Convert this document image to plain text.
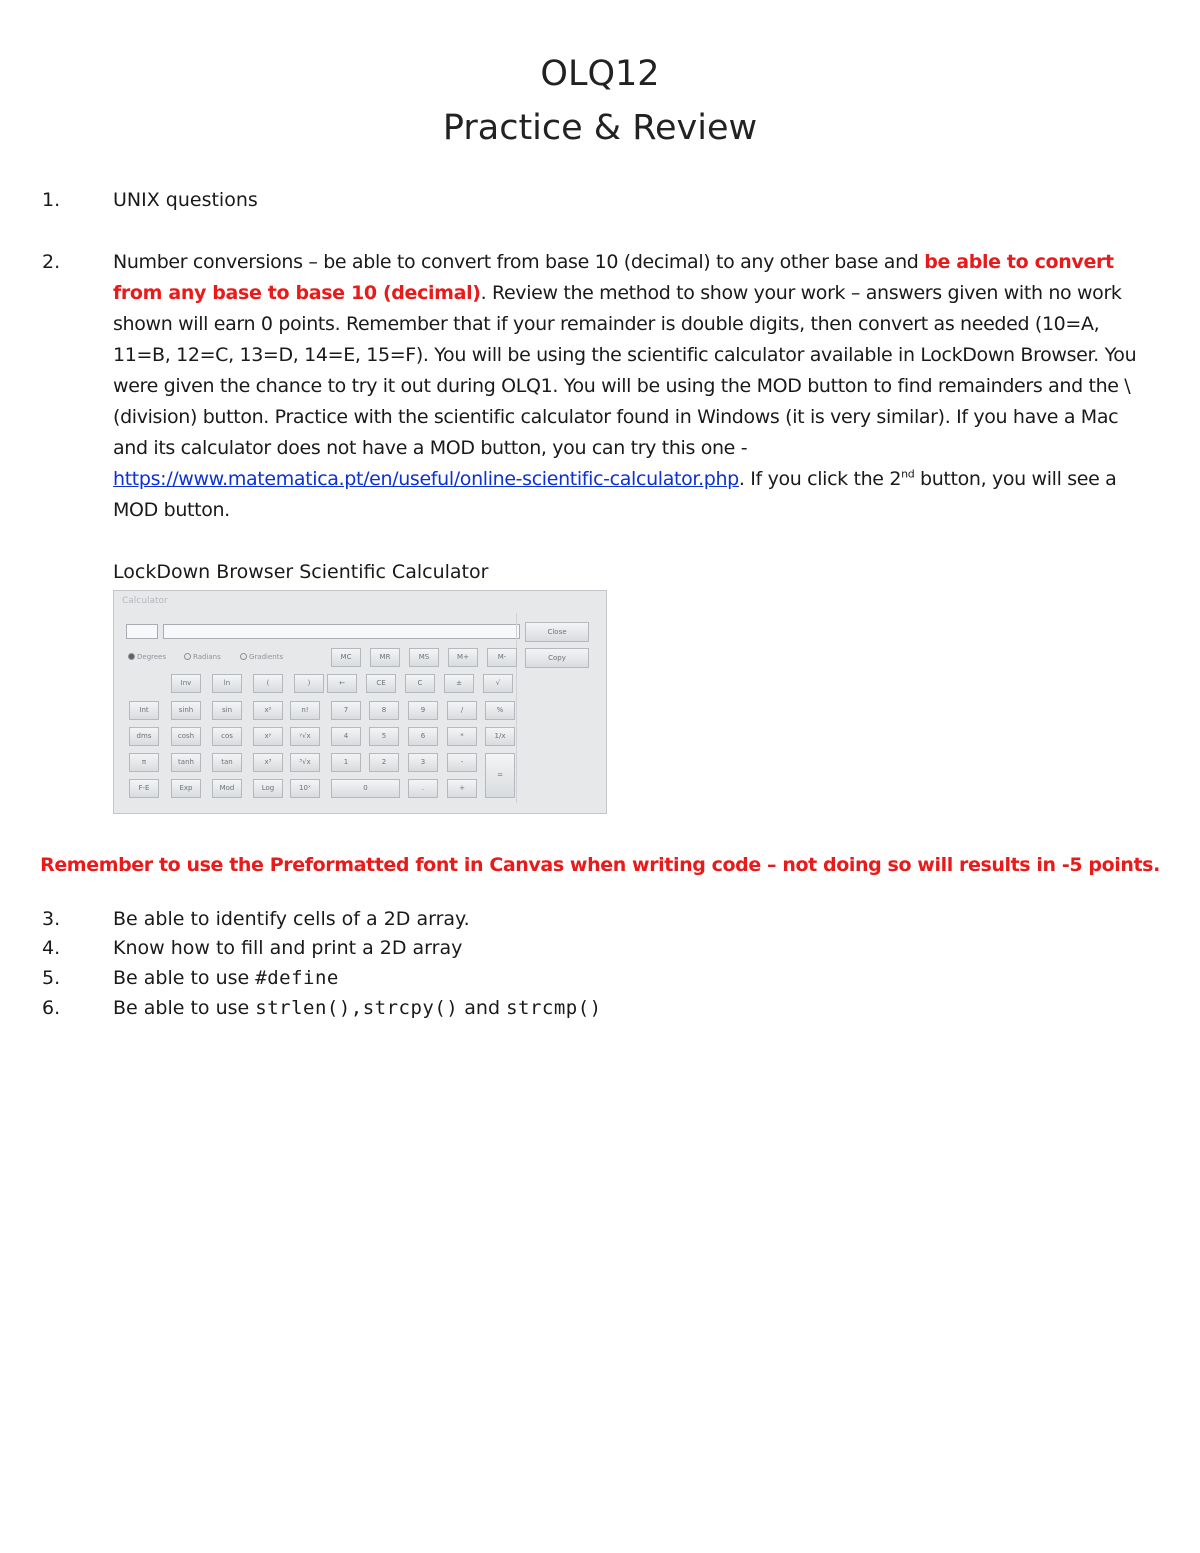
OLQ12
Practice & Review
1.	UNIX questions
2.	Number conversions – be able to convert from base 10 (decimal) to any other base and be able to convert from any base to base 10 (decimal). Review the method to show your work – answers given with no work shown will earn 0 points. Remember that if your remainder is double digits, then convert as needed (10=A, 11=B, 12=C, 13=D, 14=E, 15=F). You will be using the scientific calculator available in LockDown Browser. You were given the chance to try it out during OLQ1. You will be using the MOD button to find remainders and the \ (division) button. Practice with the scientific calculator found in Windows (it is very similar). If you have a Mac and its calculator does not have a MOD button, you can try this one - https://www.matematica.pt/en/useful/online-scientific-calculator.php. If you click the 2nd button, you will see a MOD button.
LockDown Browser Scientific Calculator
Calculator
Close
Copy
Degrees	Radians	Gradients	MC	MR	MS	M+	M-
Inv	ln	(	)	←	CE	C	±	√
Int	sinh	sin	x²	n!	7	8	9	/	%
dms	cosh	cos	xʸ	ʸ√x	4	5	6	*	1/x
π	tanh	tan	x³	³√x	1	2	3	-
=
F-E	Exp	Mod	Log	10ˣ	0	.	+
Remember to use the Preformatted font in Canvas when writing code – not doing so will results in -5 points.
3.	Be able to identify cells of a 2D array.
4.	Know how to fill and print a 2D array
5.	Be able to use #define
6.	Be able to use strlen(),strcpy() and strcmp()
